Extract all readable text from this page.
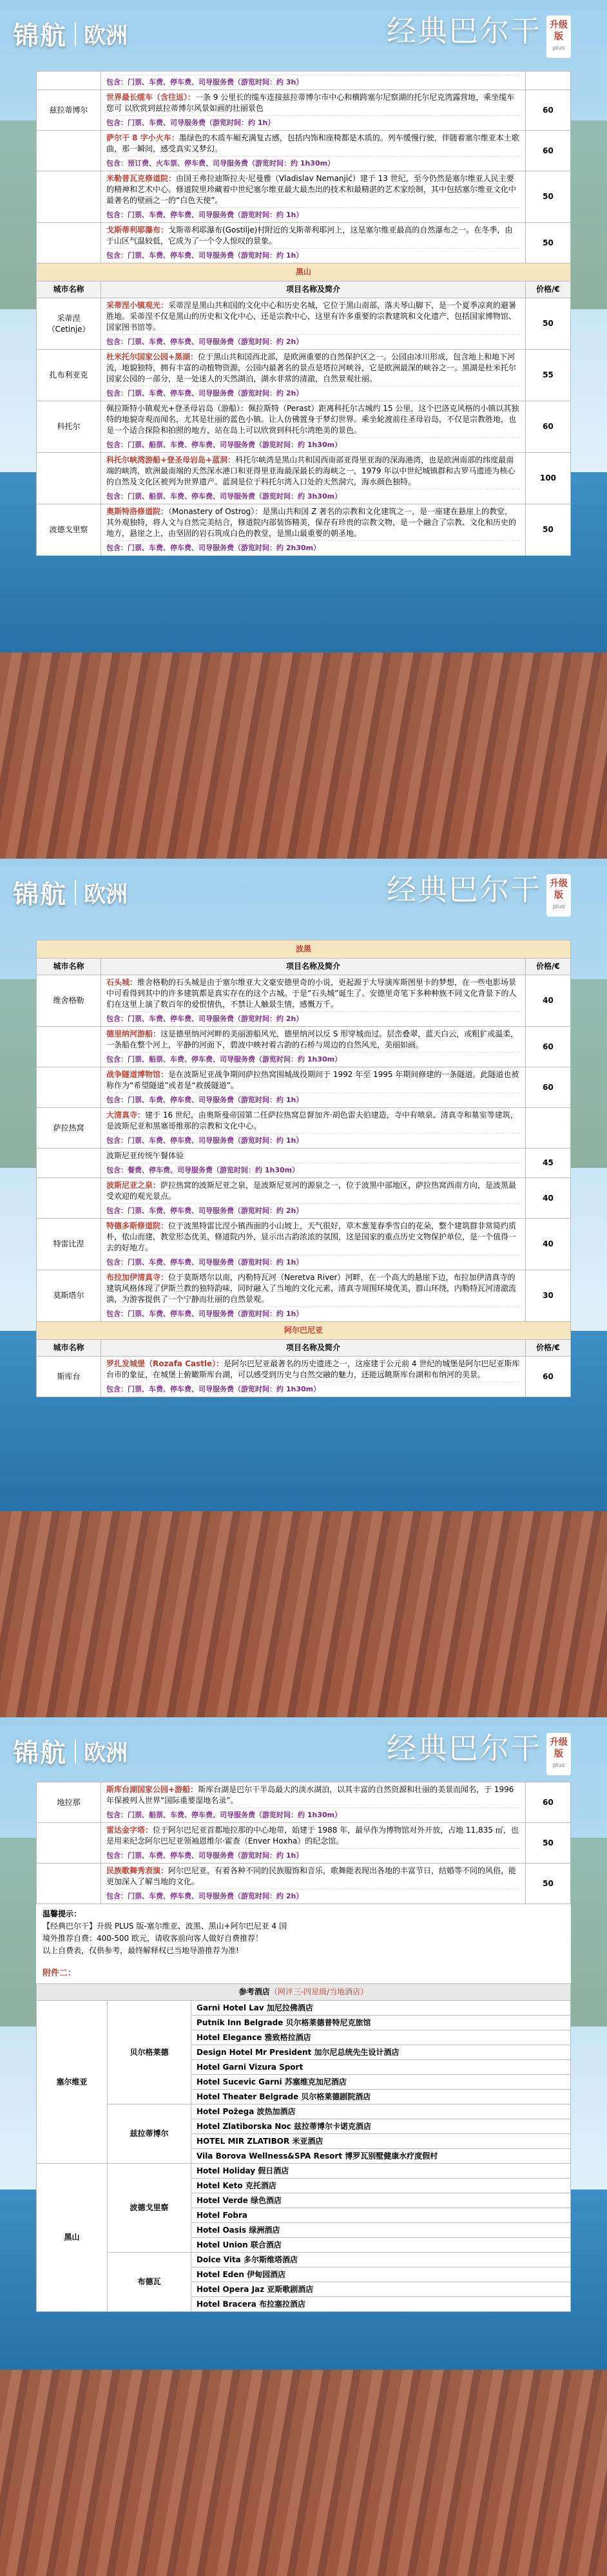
锦航 欧洲	经典巴尔干 升级版
plus

	包含：门票、车费、停车费、司导服务费（游览时间：约 3h）	

兹拉蒂博尔	世界最长缆车（含往返）：一条 9 公里长的缆车连接兹拉蒂博尔市中心和横跨塞尔尼察湖的托尔尼克湾露营地，乘坐缆车您可 以欣赏到兹拉蒂博尔风景如画的壮丽景色

包含：门票、车费、司导服务费（游览时间：约 1h）	60

	萨尔干 8 字小火车：墨绿色的木质车厢充满复古感，包括内饰和座椅都是木质的。列车缓慢行驶，伴随着塞尔维亚本土歌曲，那一瞬间，感受真实又梦幻。

包含：预订费、火车票、停车费、司导服务费（游览时间：约 1h30m）	60

	米勒普瓦克修道院：由国王弗拉迪斯拉夫·尼曼雅（Vladislav Nemanjić）建于 13 世纪，至今仍然是塞尔维亚人民主要的精神和艺术中心。修道院里珍藏着中世纪塞尔维亚最大最杰出的技术和最精湛的艺术家绘制，其中包括塞尔维亚文化中最著名的壁画之一的“白色天使”。

包含：门票、车费、停车费、司导服务费（游览时间：约 1h）	50

	戈斯蒂利耶瀑布：戈斯蒂利耶瀑布(Gostilje)村附近的戈斯蒂利耶河上，这是塞尔维亚最高的自然瀑布之一。在冬季，由于山区气温较低，它成为了一个令人惊叹的景象。

包含：门票、车费、停车费、司导服务费（游览时间：约 1h）	50
黑山		
城市名称	项目名称及简介	价格/€
采蒂涅（Cetinje）	采蒂涅小镇观光：采蒂涅是黑山共和国的文化中心和历史名城，它位于黑山南部，落夫琴山脚下，是一个夏季凉爽的避暑胜地。采蒂涅不仅是黑山的历史和文化中心，还是宗教中心，这里有许多重要的宗教建筑和文化遗产，包括国家博物馆、国家图书馆等。

包含：门票、车费、停车费、司导服务费（游览时间：约 2h）	50
扎布利亚克	杜米托尔国家公园+黑湖：位于黑山共和国西北部，是欧洲重要的自然保护区之一。公园由冰川形成，包含地上和地下河流，地貌独特，拥有丰富的动植物资源，公园内最著名的景点是塔拉河峡谷，它是欧洲最深的峡谷之一。黑湖是杜米托尔国家公园的一部分，是一处迷人的天然湖泊，湖水非常的清澈，自然景观壮丽。

包含：门票、车费、停车费、司导服务费（游览时间：约 2h）	55
科托尔	佩拉斯特小镇观光+登圣母岩岛（游船）：佩拉斯特（Perast）距离科托尔古城约 15 公里，这个巴洛克风格的小镇以其独特的地貌奇观而闻名，尤其是壮丽的蓝色小镇。让人仿佛置身于梦幻世界。乘坐轮渡前往圣母岩岛，不仅是宗教胜地，也是一个适合探险和拍照的地方，站在岛上可以欣赏到科托尔湾绝美的景色。

包含：门票、船票、车费、停车费、司导服务费（游览时间：约 1h30m）	60

	科托尔峡湾游船+登圣母岩岛+蓝洞：科托尔峡湾是黑山共和国西南部亚得里亚海的深海港湾，也是欧洲南部的纬度最南端的峡湾，欧洲最南端的天然深水港口和亚得里亚海最深最长的海峡之一，1979 年以中世纪城镇群和古罗马遗迹为核心的自然及文化区被列为世界遗产。蓝洞是位于科托尔湾入口处的天然洞穴，海水颜色独特。

包含：门票、船票、车费、停车费、司导服务费（游览时间：约 3h30m）	100
波德戈里察	奥斯特洛修道院：（Monastery of Ostrog）：是黑山共和国 Z 著名的宗教和文化建筑之一，是一座建在悬崖上的教堂，其外观独特，将人文与自然完美结合，修道院内部装饰精美，保存有珍贵的宗教文物，是一个融合了宗教、文化和历史的地方，悬崖之上，由坚固的岩石筑成白色的教堂，是黑山最重要的朝圣地。

包含：门票、车费、停车费、司导服务费（游览时间：约 2h30m）	50
锦航 欧洲	经典巴尔干 升级版
plus
波黑		
城市名称	项目名称及简介	价格/€
维舍格勒	石头城：维舍格勒的石头城是由于塞尔维亚大文豪安德里奇的小说，更起源于大导演库斯图里卡的梦想，在一些电影场景中可看得到其中的许多建筑都是真实存在的这个古城。于是“石头城”诞生了。安德里奇笔下多种种族不同文化背景下的人们在这里上演了数百年的爱恨情仇，不禁让人触景生情，感慨万千。

包含：门票、车费、停车费、司导服务费（游览时间：约 2h）	40

	德里纳河游船：这是德里纳河河畔的美丽游船风光，德里纳河以反 S 形穿城而过。层峦叠翠，蓝天白云，或粗犷或温柔，一条船在整个河上，平静的河面下，碧波中映衬着古韵的石桥与周边的自然风光，美丽如画。

包含：门票、船票、车费、停车费、司导服务费（游览时间：约 1h30m）	60

	战争隧道博物馆：是在波斯尼亚战争期间萨拉热窝围城战役期间于 1992 年至 1995 年期间修建的一条隧道。此隧道也被称作为“希望隧道”或者是“救援隧道”。

包含：门票、车费、停车费、司导服务费（游览时间：约 1h）	60
萨拉热窝	大清真寺：建于 16 世纪，由奥斯曼帝国第二任萨拉热窝总督加齐·胡色雷夫伯建造，寺中有喷泉、清真寺和墓室等建筑，是波斯尼亚和黑塞哥维那的宗教和文化中心。

包含：门票、车费、停车费、司导服务费（游览时间：约 1h）	

	波斯尼亚传统午餐体验

包含：餐费、停车费、司导服务费（游览时间：约 1h30m）	45

	波斯尼亚之泉：萨拉热窝的波斯尼亚之泉，是波斯尼亚河的源泉之一，位于波黑中部地区，萨拉热窝西南方向，是波黑最受欢迎的观光景点。

包含：门票、车费、停车费、司导服务费（游览时间：约 2h）	40
特雷比涅	特德多斯修道院：位于波黑特雷比涅小镇西面的小山坡上，天气很好，草木葱茏春季雪白的花朵，整个建筑群非常简约质朴，依山而建，教堂形态优美，修道院内外，显示出古韵浓浓的氛围，这是国家的重点历史文物保护单位，是一个值得一去的好地方。

包含：门票、车费、停车费、司导服务费（游览时间：约 1h）	40
莫斯塔尔	布拉加伊清真寺：位于莫斯塔尔以南，内勒特瓦河（Neretva River）河畔，在一个高大的悬崖下边，布拉加伊清真寺的建筑风格体现了伊斯兰教的独特韵味，同时融入了当地的文化元素，清真寺周围环境优美，群山环绕，内勒特瓦河清澈流淌，为游客提供了一个宁静而壮丽的自然景观。

包含：门票、车费、停车费、司导服务费（游览时间：约 1h）	30
阿尔巴尼亚		
城市名称	项目名称及简介	价格/€
斯库台	罗扎发城堡（Rozafa Castle）：是阿尔巴尼亚最著名的历史遗迹之一，这座建于公元前 4 世纪的城堡是阿尔巴尼亚斯库台市的象征，在城堡上俯瞰斯库台湖，可以感受到历史与自然交融的魅力，还能远眺斯库台湖和布纳河的美景。

包含：门票、车费、停车费、司导服务费（游览时间：约 1h30m）	60
锦航 欧洲	经典巴尔干 升级版
plus
地拉那	斯库台湖国家公园+游船：斯库台湖是巴尔干半岛最大的淡水湖泊，以其丰富的自然资源和壮丽的美景而闻名，于 1996 年保被列入世界“国际重要湿地名录”。

包含：门票、船票、车费、停车费、司导服务费（游览时间：约 1h30m）	60

	雷达金字塔：位于阿尔巴尼亚首都地拉那的中心地带，始建于 1988 年，最早作为博物馆对外开放，占地 11,835 ㎡，也是用来纪念阿尔巴尼亚领袖恩维尔·霍查（Enver Hoxha）的纪念馆。

包含：门票、车费、停车费、司导服务费（游览时间：约 1h）	50

	民族歌舞秀表演：阿尔巴尼亚，有着各种不同的民族服饰和音乐，歌舞能表现出各地的丰富节日，结婚等不同的风俗，能更加深入了解当地的文化。

包含：门票、车费、停车费、司导服务费（游览时间：约 2h）	50
温馨提示：
【经典巴尔干】升级 PLUS 版-塞尔维亚、波黑、黑山+阿尔巴尼亚 4 国
境外推荐自费：400-500 欧元，请收客前向客人做好自费推荐！
以上自费表，仅供参考，最终解释权已当地导游推荐为准!
附件二：
参考酒店（网评三-四星级/当地酒店）		
塞尔维亚	贝尔格莱德	Garni Hotel Lav 加尼拉佛酒店
		Putnik Inn Belgrade 贝尔格莱德普特尼克旅馆
		Hotel Elegance 雅致格拉酒店
		Design Hotel Mr President 加尔尼总统先生设计酒店
		Hotel Garni Vizura Sport
		Hotel Sucevic Garni 苏塞维克加尼酒店
		Hotel Theater Belgrade 贝尔格莱德剧院酒店
	兹拉蒂博尔	Hotel Požega 波热加酒店
		Hotel Zlatiborska Noc 兹拉蒂博尔卡诺克酒店
		HOTEL MIR ZLATIBOR 米亚酒店
		Vila Borova Wellness&SPA Resort 博罗瓦别墅健康水疗度假村
黑山	波德戈里察	Hotel Holiday 假日酒店
		Hotel Keto 克托酒店
		Hotel Verde 绿色酒店
		Hotel Fobra
		Hotel Oasis 绿洲酒店
		Hotel Union 联合酒店
	布德瓦	Dolce Vita 多尔斯维塔酒店
		Hotel Eden 伊甸园酒店
		Hotel Opera Jaz 亚斯歌剧酒店
		Hotel Bracera 布拉塞拉酒店
